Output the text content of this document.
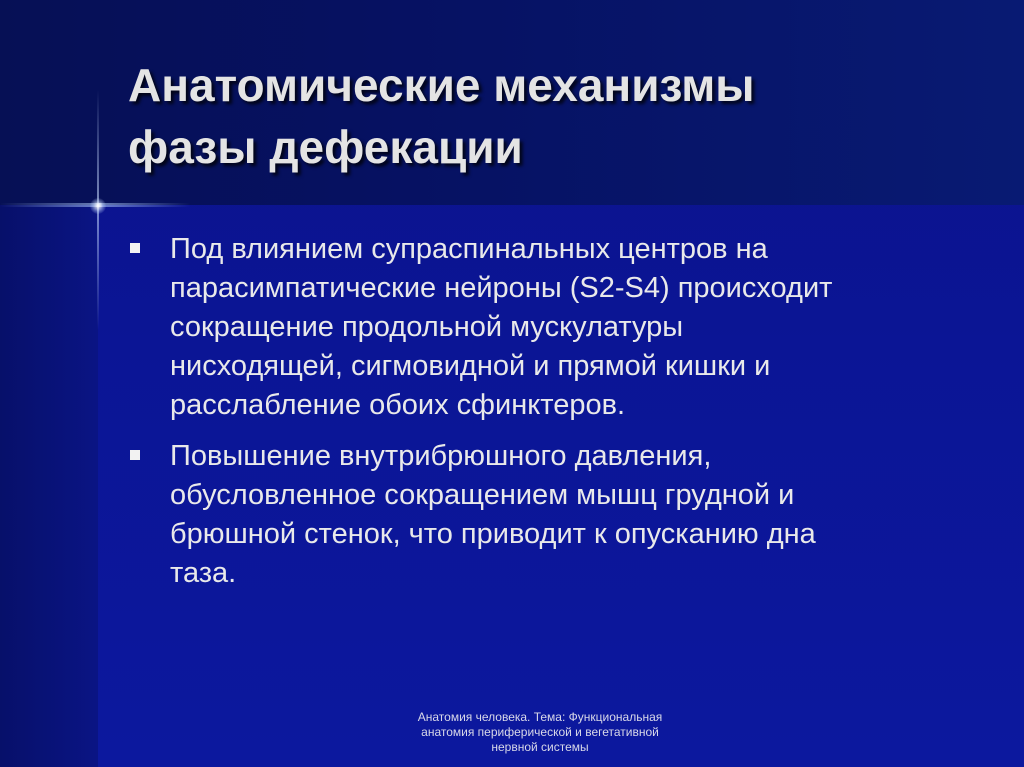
Анатомические механизмы
фазы дефекации
Под влиянием супраспинальных центров на
парасимпатические нейроны (S2-S4) происходит
сокращение продольной мускулатуры
нисходящей, сигмовидной и прямой кишки и
расслабление обоих сфинктеров.
Повышение внутрибрюшного давления,
обусловленное сокращением мышц грудной и
брюшной стенок, что приводит к опусканию дна
таза.
Анатомия человека. Тема: Функциональная
анатомия периферической и вегетативной
нервной системы
